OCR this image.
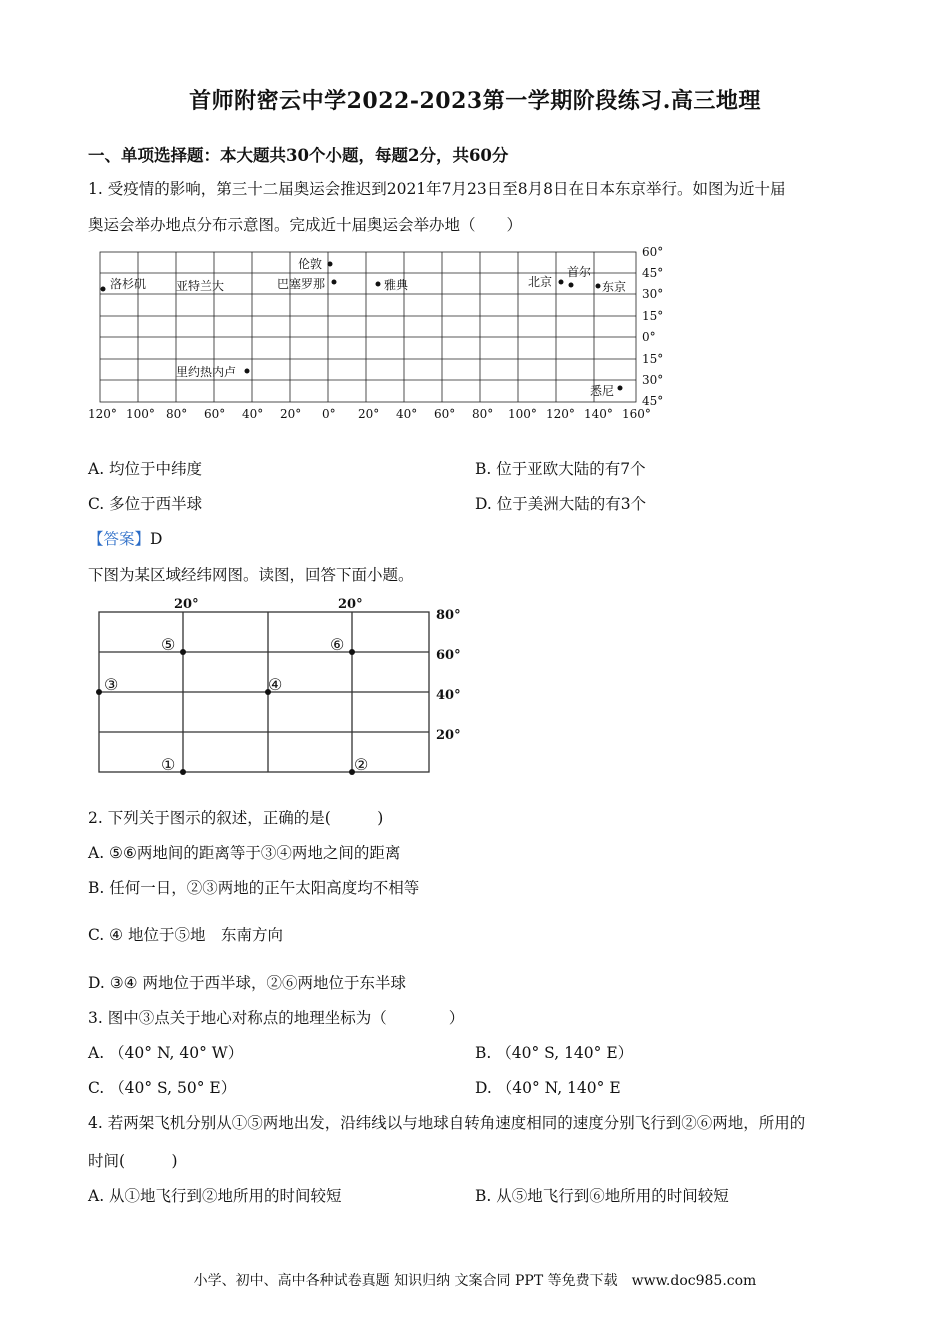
首师附密云中学2022-2023第一学期阶段练习.高三地理
一、单项选择题：本大题共30个小题，每题2分，共60分
1. 受疫情的影响，第三十二届奥运会推迟到2021年7月23日至8月8日在日本东京举行。如图为近十届
奥运会举办地点分布示意图。完成近十届奥运会举办地（　　）
洛杉矶 亚特兰大
伦敦
巴塞罗那	雅典	北京
首尔
东京
里约热内卢
悉尼
120° 100° 80° 60° 40° 20° 0° 20° 40° 60° 80° 100° 120° 140° 160°
60°
45°
30°
15°
0°
15°
30°
45°
A. 均位于中纬度	B. 位于亚欧大陆的有7个
C. 多位于西半球	D. 位于美洲大陆的有3个
【答案】D
下图为某区域经纬网图。读图，回答下面小题。
20°	20°
80°
60°
40°
20°
⑤	⑥
③	④
①	②
2. 下列关于图示的叙述，正确的是(　　　)
A. ⑤⑥两地间的距离等于③④两地之间的距离
B. 任何一日，②③两地的正午太阳高度均不相等
C. ④ 地位于⑤地　东南方向
D. ③④ 两地位于西半球，②⑥两地位于东半球
3. 图中③点关于地心对称点的地理坐标为（　　　　）
A. （40° N, 40° W）	B. （40° S, 140° E）
C. （40° S, 50° E）	D. （40° N, 140° E
4. 若两架飞机分别从①⑤两地出发，沿纬线以与地球自转角速度相同的速度分别飞行到②⑥两地，所用的
时间(　　　)
A. 从①地飞行到②地所用的时间较短	B. 从⑤地飞行到⑥地所用的时间较短
小学、初中、高中各种试卷真题 知识归纳 文案合同 PPT 等免费下载　www.doc985.com
